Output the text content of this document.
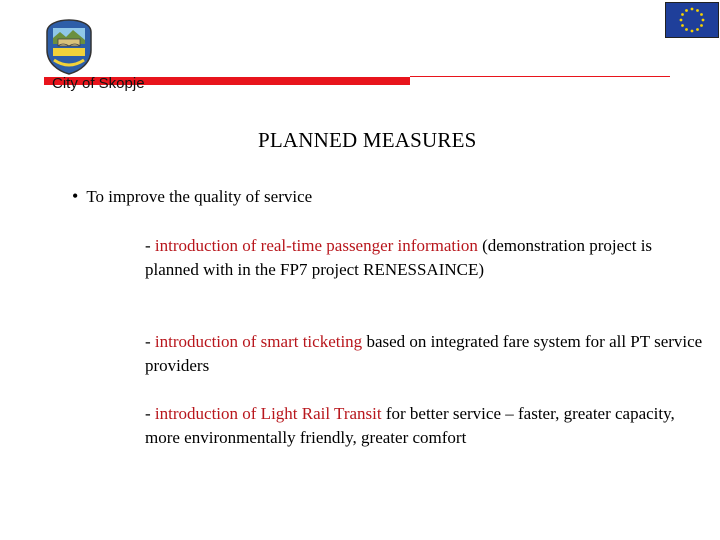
City of Skopje
PLANNED MEASURES
• To improve the quality of service
- introduction of real-time passenger information (demonstration project is planned with in the FP7 project RENESSAINCE)
- introduction of smart ticketing based on integrated fare system for all PT service providers
- introduction of Light Rail Transit for better service – faster, greater capacity, more environmentally friendly, greater comfort
